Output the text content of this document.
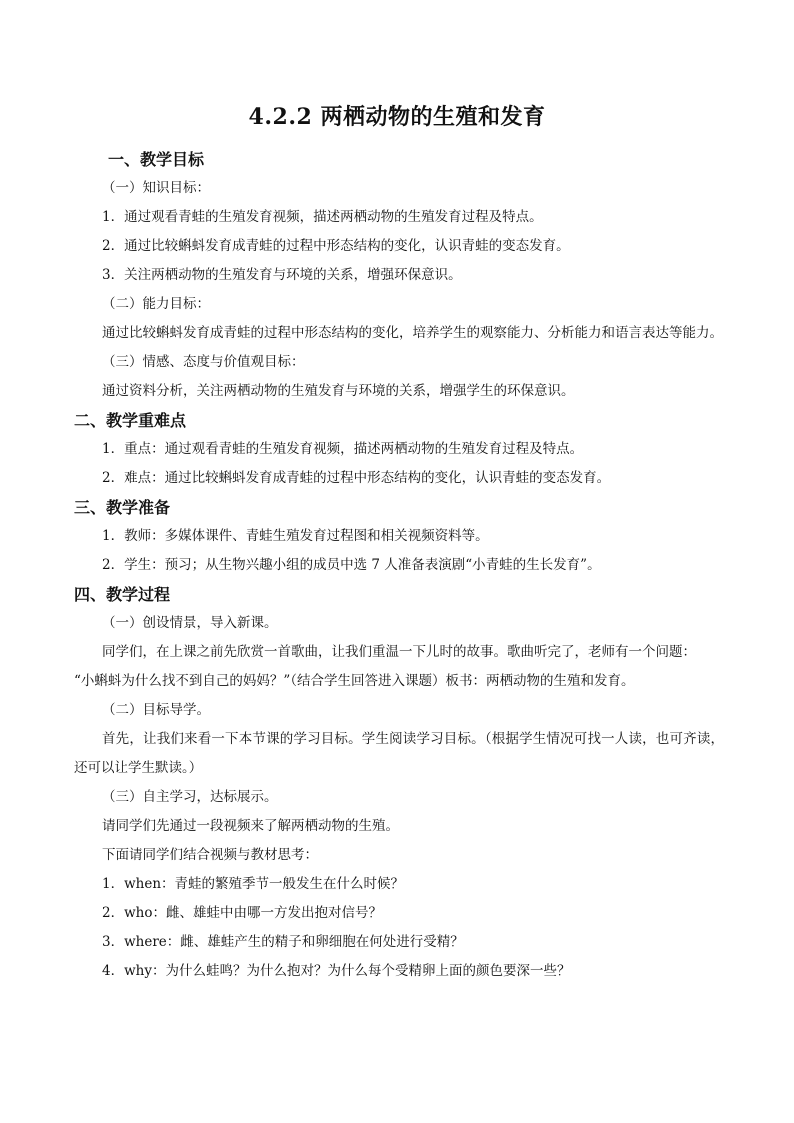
4.2.2 两栖动物的生殖和发育
一、教学目标
（一）知识目标：
1．通过观看青蛙的生殖发育视频，描述两栖动物的生殖发育过程及特点。
2．通过比较蝌蚪发育成青蛙的过程中形态结构的变化，认识青蛙的变态发育。
3．关注两栖动物的生殖发育与环境的关系，增强环保意识。
（二）能力目标：
通过比较蝌蚪发育成青蛙的过程中形态结构的变化，培养学生的观察能力、分析能力和语言表达等能力。
（三）情感、态度与价值观目标：
通过资料分析，关注两栖动物的生殖发育与环境的关系，增强学生的环保意识。
二、教学重难点
1．重点：通过观看青蛙的生殖发育视频，描述两栖动物的生殖发育过程及特点。
2．难点：通过比较蝌蚪发育成青蛙的过程中形态结构的变化，认识青蛙的变态发育。
三、教学准备
1．教师：多媒体课件、青蛙生殖发育过程图和相关视频资料等。
2．学生：预习；从生物兴趣小组的成员中选 7 人准备表演剧“小青蛙的生长发育”。
四、教学过程
（一）创设情景，导入新课。
同学们，在上课之前先欣赏一首歌曲，让我们重温一下儿时的故事。歌曲听完了，老师有一个问题：
“小蝌蚪为什么找不到自己的妈妈？”（结合学生回答进入课题）板书：两栖动物的生殖和发育。
（二）目标导学。
首先，让我们来看一下本节课的学习目标。学生阅读学习目标。（根据学生情况可找一人读，也可齐读，还可以让学生默读。）
（三）自主学习，达标展示。
请同学们先通过一段视频来了解两栖动物的生殖。
下面请同学们结合视频与教材思考：
1．when：青蛙的繁殖季节一般发生在什么时候？
2．who：雌、雄蛙中由哪一方发出抱对信号？
3．where：雌、雄蛙产生的精子和卵细胞在何处进行受精？
4．why：为什么蛙鸣？为什么抱对？为什么每个受精卵上面的颜色要深一些？
